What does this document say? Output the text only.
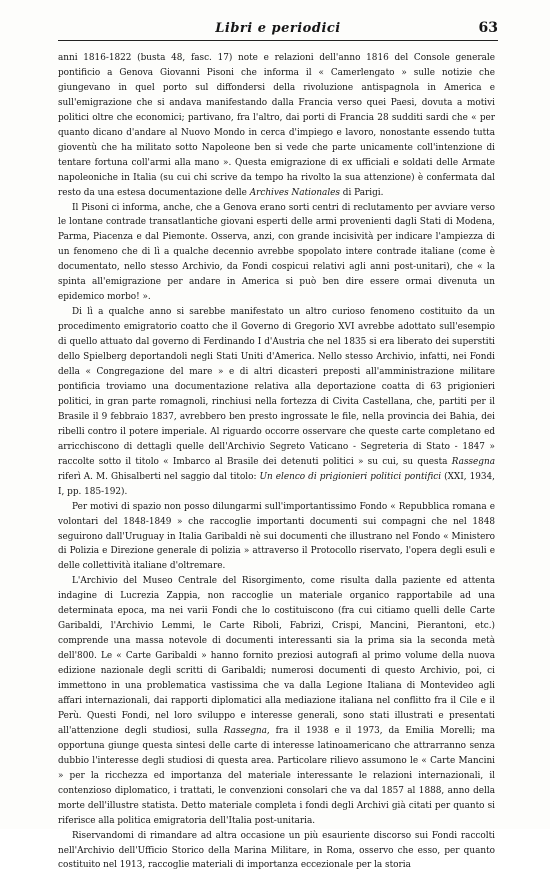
Libri e periodici	63

anni 1816-1822 (busta 48, fasc. 17) note e relazioni dell'anno 1816 del Console generale pontificio a Genova Giovanni Pisoni che informa il « Camerlengato » sulle notizie che giungevano in quel porto sul diffondersi della rivoluzione antispagnola in America e sull'emigrazione che si andava manifestando dalla Francia verso quei Paesi, dovuta a motivi politici oltre che economici; partivano, fra l'altro, dai porti di Francia 28 sudditi sardi che « per quanto dicano d'andare al Nuovo Mondo in cerca d'impiego e lavoro, nonostante essendo tutta gioventù che ha militato sotto Napoleone ben si vede che parte unicamente coll'intenzione di tentare fortuna coll'armi alla mano ». Questa emigrazione di ex ufficiali e soldati delle Armate napoleoniche in Italia (su cui chi scrive da tempo ha rivolto la sua attenzione) è confermata dal resto da una estesa documentazione delle Archives Nationales di Parigi.

Il Pisoni ci informa, anche, che a Genova erano sorti centri di reclutamento per avviare verso le lontane contrade transatlantiche giovani esperti delle armi provenienti dagli Stati di Modena, Parma, Piacenza e dal Piemonte. Osserva, anzi, con grande incisività per indicare l'ampiezza di un fenomeno che di lì a qualche decennio avrebbe spopolato intere contrade italiane (come è documentato, nello stesso Archivio, da Fondi cospicui relativi agli anni post-unitari), che « la spinta all'emigrazione per andare in America si può ben dire essere ormai divenuta un epidemico morbo! ».

Di lì a qualche anno si sarebbe manifestato un altro curioso fenomeno costituito da un procedimento emigratorio coatto che il Governo di Gregorio XVI avrebbe adottato sull'esempio di quello attuato dal governo di Ferdinando I d'Austria che nel 1835 si era liberato dei superstiti dello Spielberg deportandoli negli Stati Uniti d'America. Nello stesso Archivio, infatti, nei Fondi della « Congregazione del mare » e di altri dicasteri preposti all'amministrazione militare pontificia troviamo una documentazione relativa alla deportazione coatta di 63 prigionieri politici, in gran parte romagnoli, rinchiusi nella fortezza di Civita Castellana, che, partiti per il Brasile il 9 febbraio 1837, avrebbero ben presto ingrossate le file, nella provincia dei Bahia, dei ribelli contro il potere imperiale. Al riguardo occorre osservare che queste carte completano ed arricchiscono di dettagli quelle dell'Archivio Segreto Vaticano - Segreteria di Stato - 1847 » raccolte sotto il titolo « Imbarco al Brasile dei detenuti politici » su cui, su questa Rassegna riferì A. M. Ghisalberti nel saggio dal titolo: Un elenco di prigionieri politici pontifici (XXI, 1934, I, pp. 185-192).

Per motivi di spazio non posso dilungarmi sull'importantissimo Fondo « Repubblica romana e volontari del 1848-1849 » che raccoglie importanti documenti sui compagni che nel 1848 seguirono dall'Uruguay in Italia Garibaldi nè sui documenti che illustrano nel Fondo « Ministero di Polizia e Direzione generale di polizia » attraverso il Protocollo riservato, l'opera degli esuli e delle collettività italiane d'oltremare.

L'Archivio del Museo Centrale del Risorgimento, come risulta dalla paziente ed attenta indagine di Lucrezia Zappia, non raccoglie un materiale organico rapportabile ad una determinata epoca, ma nei varii Fondi che lo costituiscono (fra cui citiamo quelli delle Carte Garibaldi, l'Archivio Lemmi, le Carte Riboli, Fabrizi, Crispi, Mancini, Pierantoni, etc.) comprende una massa notevole di documenti interessanti sia la prima sia la seconda metà dell'800. Le « Carte Garibaldi » hanno fornito preziosi autografi al primo volume della nuova edizione nazionale degli scritti di Garibaldi; numerosi documenti di questo Archivio, poi, ci immettono in una problematica vastissima che va dalla Legione Italiana di Montevideo agli affari internazionali, dai rapporti diplomatici alla mediazione italiana nel conflitto fra il Cile e il Perù. Questi Fondi, nel loro sviluppo e interesse generali, sono stati illustrati e presentati all'attenzione degli studiosi, sulla Rassegna, fra il 1938 e il 1973, da Emilia Morelli; ma opportuna giunge questa sintesi delle carte di interesse latinoamericano che attrarranno senza dubbio l'interesse degli studiosi di questa area. Particolare rilievo assumono le « Carte Mancini » per la ricchezza ed importanza del materiale interessante le relazioni internazionali, il contenzioso diplomatico, i trattati, le convenzioni consolari che va dal 1857 al 1888, anno della morte dell'illustre statista. Detto materiale completa i fondi degli Archivi già citati per quanto si riferisce alla politica emigratoria dell'Italia post-unitaria.

Riservandomi di rimandare ad altra occasione un più esauriente discorso sui Fondi raccolti nell'Archivio dell'Ufficio Storico della Marina Militare, in Roma, osservo che esso, per quanto costituito nel 1913, raccoglie materiali di importanza eccezionale per la storia
